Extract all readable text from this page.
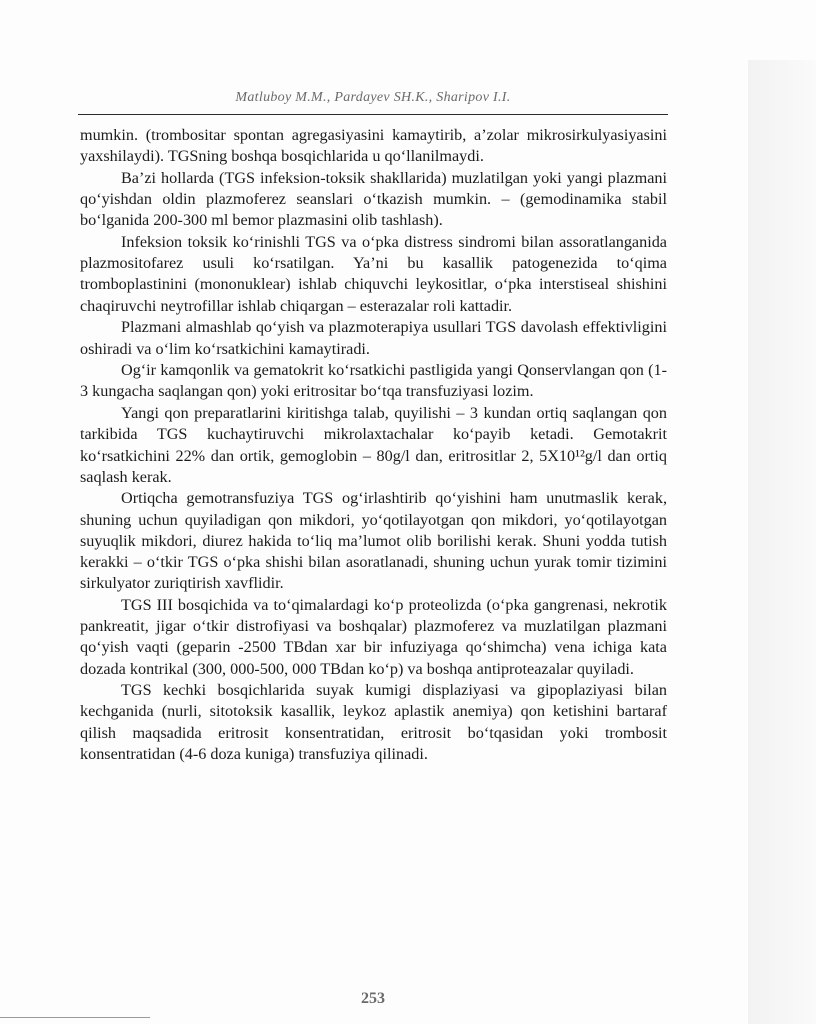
Matluboy M.M., Pardayev SH.K., Sharipov I.I.

mumkin. (trombositar spontan agregasiyasini kamaytirib, a’zolar mikrosirkulyasiyasini yaxshilaydi). TGSning boshqa bosqichlarida u qo‘llanilmaydi.

Ba’zi hollarda (TGS infeksion-toksik shakllarida) muzlatilgan yoki yangi plazmani qo‘yishdan oldin plazmoferez seanslari o‘tkazish mumkin. – (gemodinamika stabil bo‘lganida 200-300 ml bemor plazmasini olib tashlash).

Infeksion toksik ko‘rinishli TGS va o‘pka distress sindromi bilan assoratlanganida plazmositofarez usuli ko‘rsatilgan. Ya’ni bu kasallik patogenezida to‘qima tromboplastinini (mononuklear) ishlab chiquvchi leykositlar, o‘pka interstiseal shishini chaqiruvchi neytrofillar ishlab chiqargan – esterazalar roli kattadir.

Plazmani almashlab qo‘yish va plazmoterapiya usullari TGS davolash effektivligini oshiradi va o‘lim ko‘rsatkichini kamaytiradi.

Og‘ir kamqonlik va gematokrit ko‘rsatkichi pastligida yangi Qonservlangan qon (1-3 kungacha saqlangan qon) yoki eritrositar bo‘tqa transfuziyasi lozim.

Yangi qon preparatlarini kiritishga talab, quyilishi – 3 kundan ortiq saqlangan qon tarkibida TGS kuchaytiruvchi mikrolaxtachalar ko‘payib ketadi. Gemotakrit ko‘rsatkichini 22% dan ortik, gemoglobin – 80g/l dan, eritrositlar 2, 5X10¹²g/l dan ortiq saqlash kerak.

Ortiqcha gemotransfuziya TGS og‘irlashtirib qo‘yishini ham unutmaslik kerak, shuning uchun quyiladigan qon mikdori, yo‘qotilayotgan qon mikdori, yo‘qotilayotgan suyuqlik mikdori, diurez hakida to‘liq ma’lumot olib borilishi kerak. Shuni yodda tutish kerakki – o‘tkir TGS o‘pka shishi bilan asoratlanadi, shuning uchun yurak tomir tizimini sirkulyator zuriqtirish xavflidir.

TGS III bosqichida va to‘qimalardagi ko‘p proteolizda (o‘pka gangrenasi, nekrotik pankreatit, jigar o‘tkir distrofiyasi va boshqalar) plazmoferez va muzlatilgan plazmani qo‘yish vaqti (geparin -2500 TBdan xar bir infuziyaga qo‘shimcha) vena ichiga kata dozada kontrikal (300, 000-500, 000 TBdan ko‘p) va boshqa antiproteazalar quyiladi.

TGS kechki bosqichlarida suyak kumigi displaziyasi va gipoplaziyasi bilan kechganida (nurli, sitotoksik kasallik, leykoz aplastik anemiya) qon ketishini bartaraf qilish maqsadida eritrosit konsentratidan, eritrosit bo‘tqasidan yoki trombosit konsentratidan (4-6 doza kuniga) transfuziya qilinadi.

253
